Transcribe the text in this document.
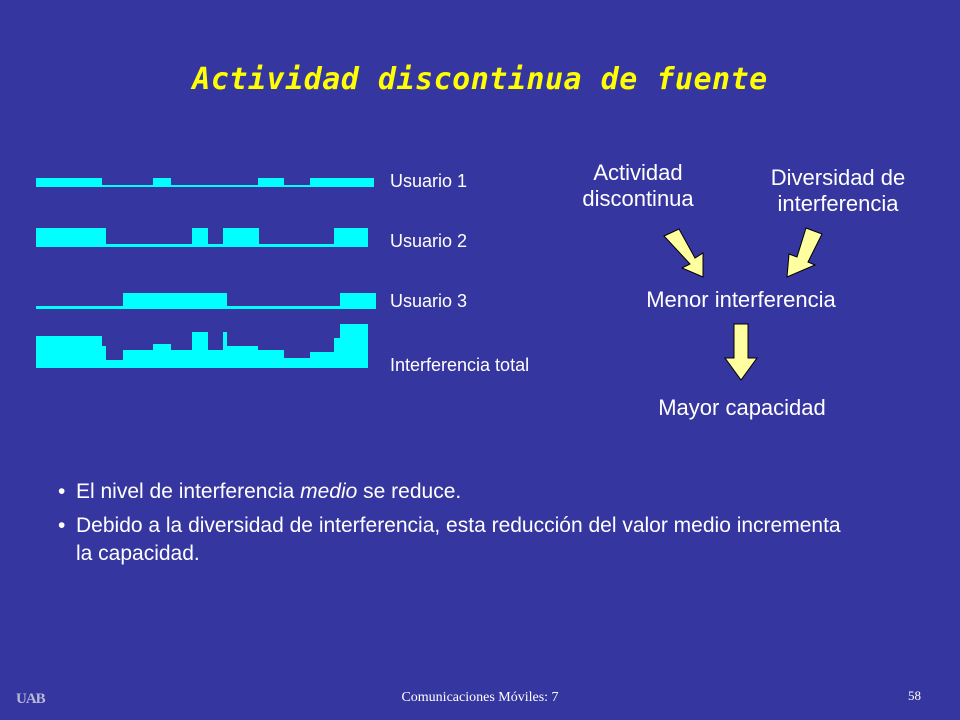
Actividad discontinua de fuente
Usuario 1
Usuario 2
Usuario 3
Interferencia total
Actividad discontinua
Diversidad de interferencia
Menor interferencia
Mayor capacidad
• El nivel de interferencia medio se reduce.
• Debido a la diversidad de interferencia, esta reducción del valor medio incrementa la capacidad.
UAB	Comunicaciones Móviles: 7	58
